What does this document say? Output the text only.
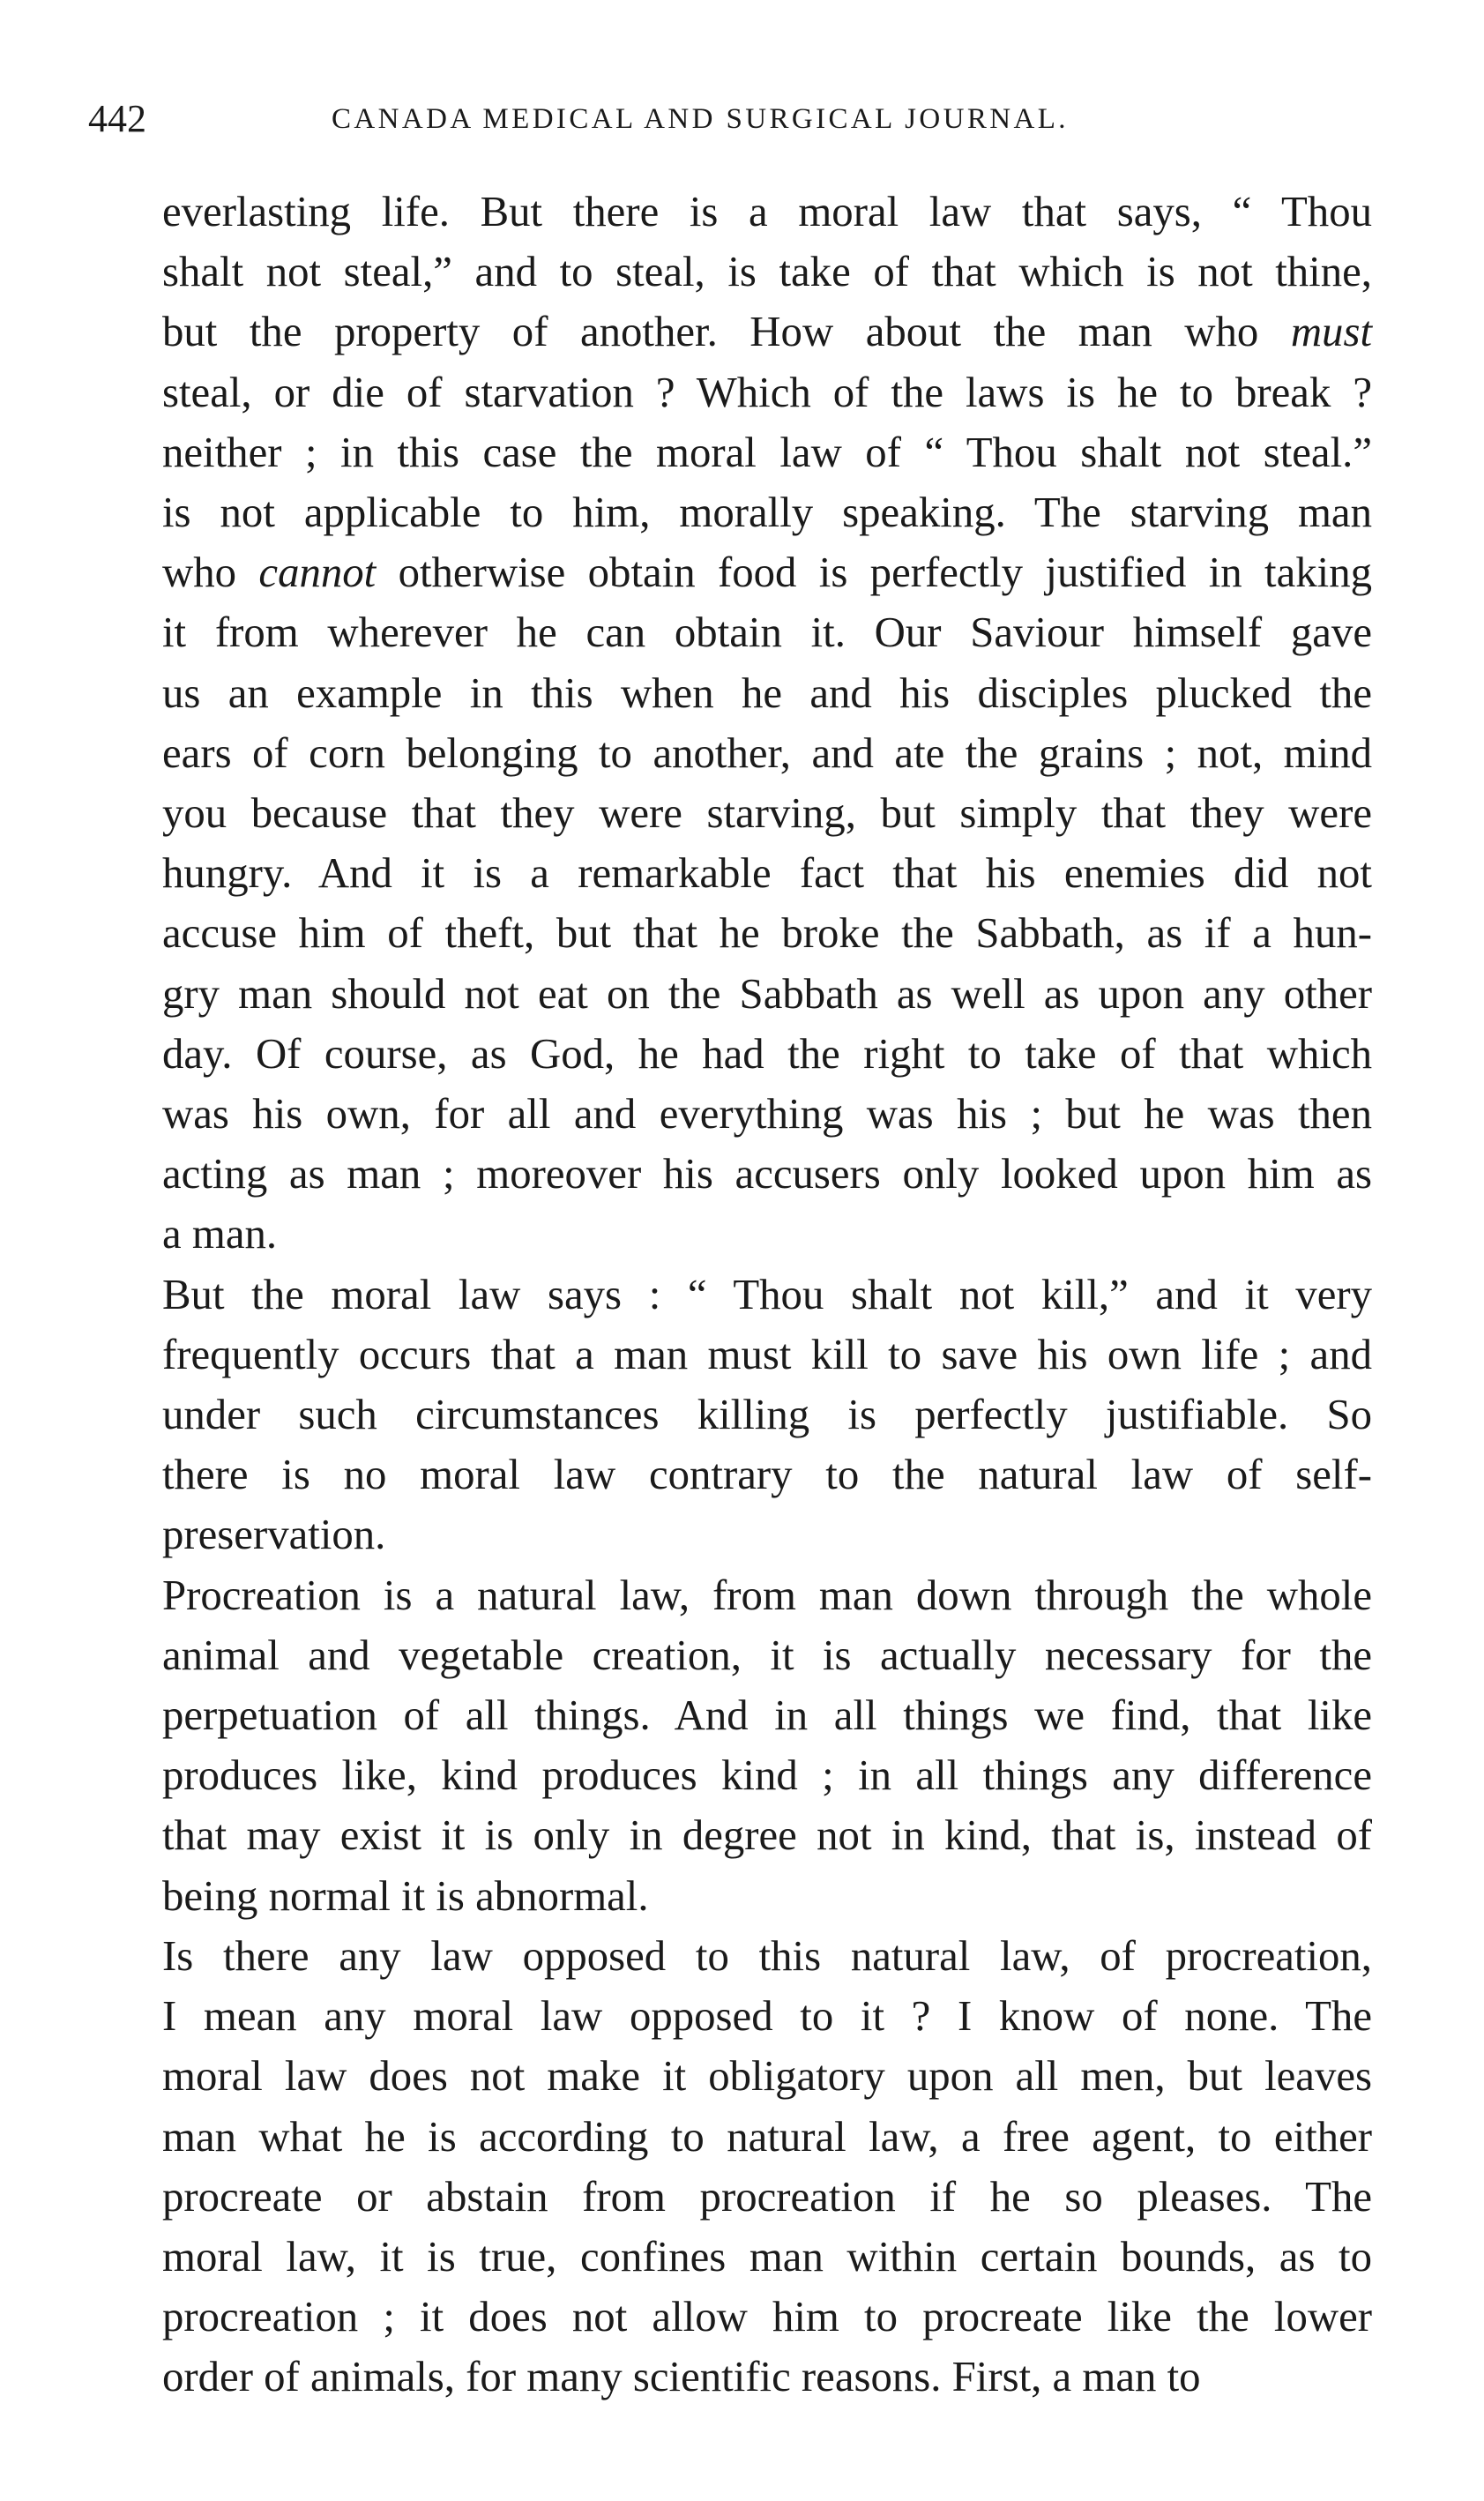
442	CANADA MEDICAL AND SURGICAL JOURNAL.
everlasting life. But there is a moral law that says, “ Thou
shalt not steal,” and to steal, is take of that which is not thine,
but the property of another. How about the man who must
steal, or die of starvation ? Which of the laws is he to break ?
neither ; in this case the moral law of “ Thou shalt not steal.”
is not applicable to him, morally speaking. The starving man
who cannot otherwise obtain food is perfectly justified in taking
it from wherever he can obtain it. Our Saviour himself gave
us an example in this when he and his disciples plucked the
ears of corn belonging to another, and ate the grains ; not, mind
you because that they were starving, but simply that they were
hungry. And it is a remarkable fact that his enemies did not
accuse him of theft, but that he broke the Sabbath, as if a hun-
gry man should not eat on the Sabbath as well as upon any other
day. Of course, as God, he had the right to take of that which
was his own, for all and everything was his ; but he was then
acting as man ; moreover his accusers only looked upon him as
a man.
But the moral law says : “ Thou shalt not kill,” and it very
frequently occurs that a man must kill to save his own life ; and
under such circumstances killing is perfectly justifiable. So
there is no moral law contrary to the natural law of self-
preservation.
Procreation is a natural law, from man down through the whole
animal and vegetable creation, it is actually necessary for the
perpetuation of all things. And in all things we find, that like
produces like, kind produces kind ; in all things any difference
that may exist it is only in degree not in kind, that is, instead of
being normal it is abnormal.
Is there any law opposed to this natural law, of procreation,
I mean any moral law opposed to it ? I know of none. The
moral law does not make it obligatory upon all men, but leaves
man what he is according to natural law, a free agent, to either
procreate or abstain from procreation if he so pleases. The
moral law, it is true, confines man within certain bounds, as to
procreation ; it does not allow him to procreate like the lower
order of animals, for many scientific reasons. First, a man to
